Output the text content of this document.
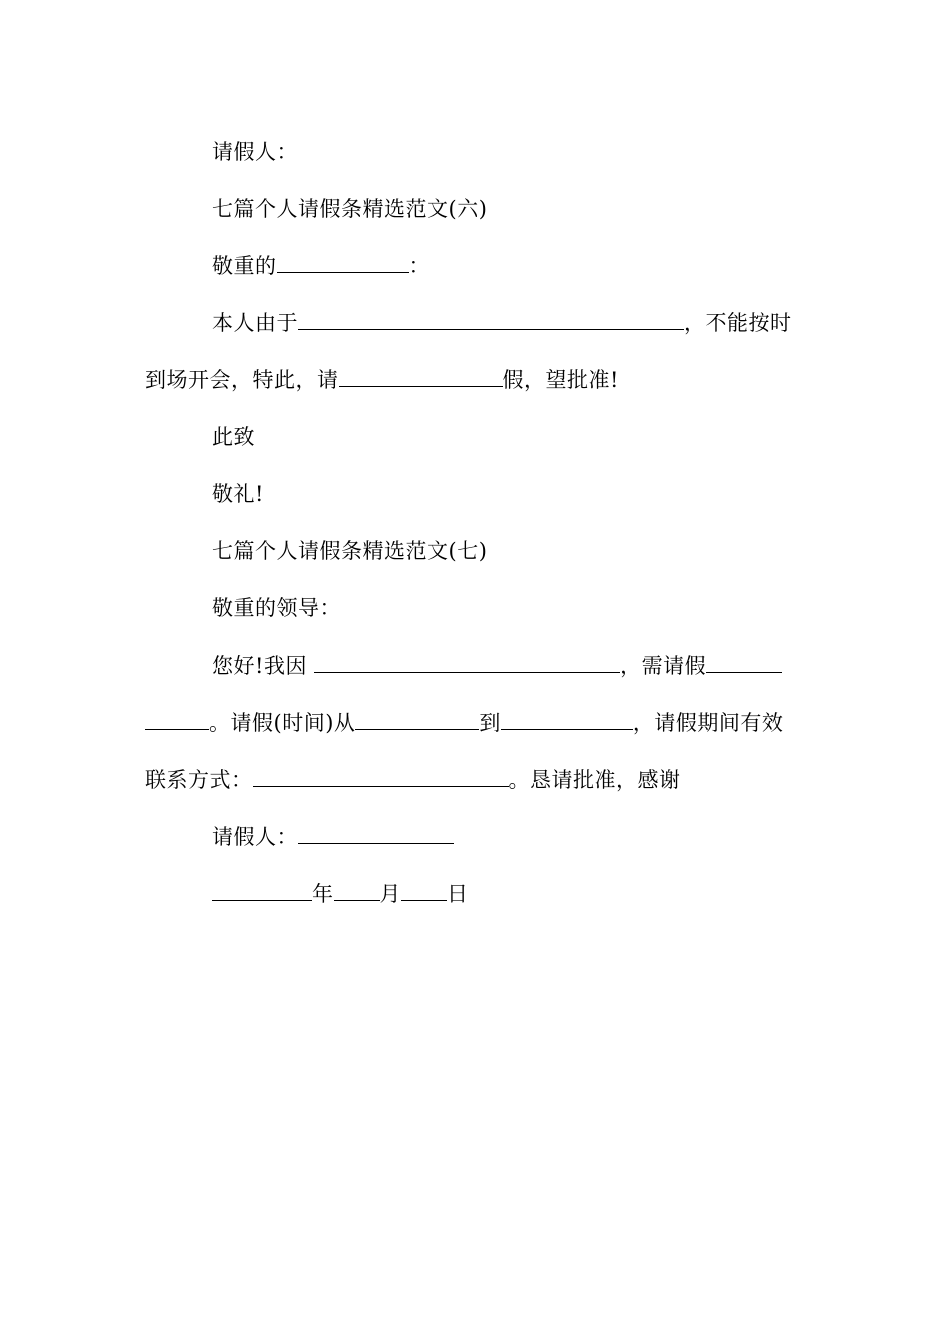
请假人：
七篇个人请假条精选范文(六)
敬重的	：
本人由于	，不能按时
到场开会，特此，请	假，望批准!
此致
敬礼!
七篇个人请假条精选范文(七)
敬重的领导：
您好!我因	，需请假
。请假(时间)从	到	，请假期间有效
联系方式：	。恳请批准，感谢
请假人：
年 月 日
